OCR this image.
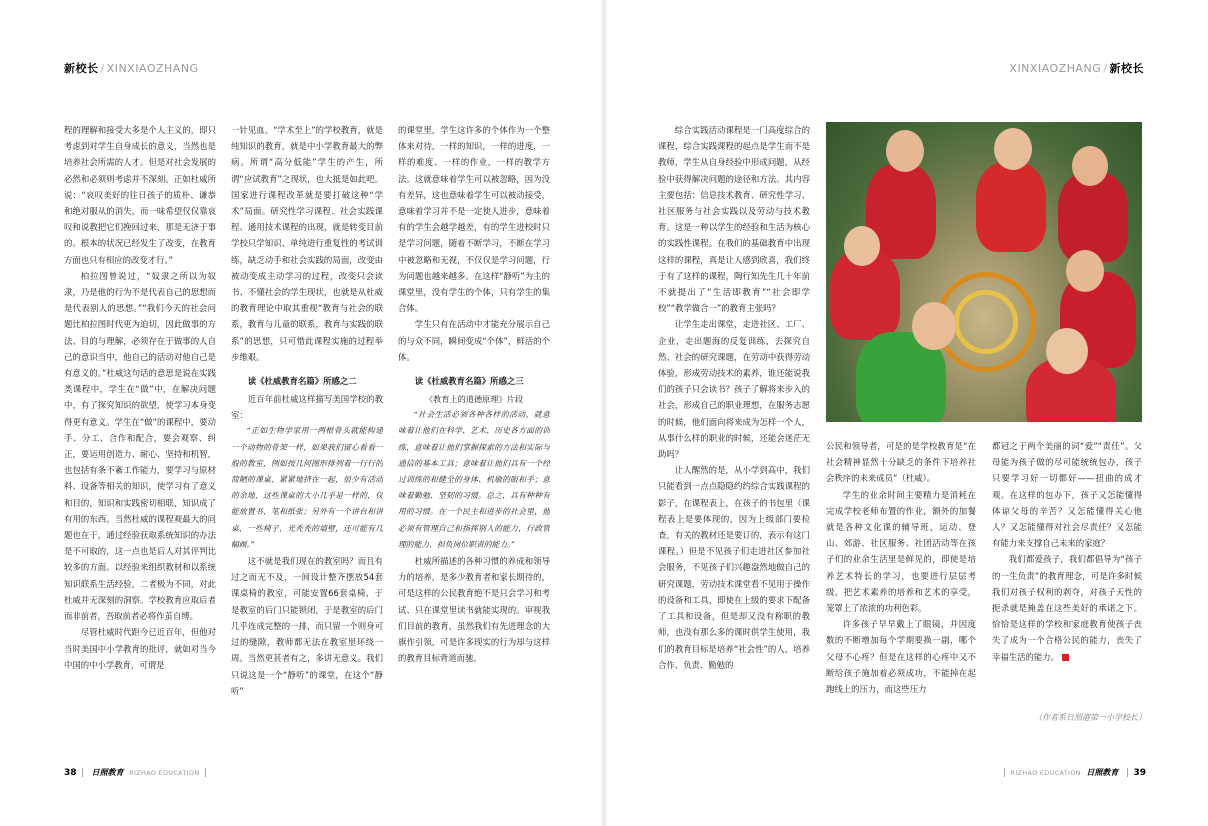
新校长 / XINXIAOZHANG	XINXIAOZHANG / 新校长

程的理解和接受大多是个人主义的，即只考虑到对学生自身成长的意义，当然也是培养社会所需的人才。但是对社会发展的必然和必须则考虑并不深刻。正如杜威所说：“哀叹美好的往日孩子的质朴、谦恭和绝对服从的消失，而一味希望仅仅靠哀叹和说教把它们挽回过来，那是无济于事的。根本的状况已经发生了改变，在教育方面也只有相应的改变才行。”

柏拉图曾说过，“奴隶之所以为奴隶，乃是他的行为不是代表自己的思想而是代表别人的思想。”“我们今天的社会问题比柏拉图时代更为迫切，因此做事的方法、目的与理解，必须存在于做事的人自己的意识当中，他自己的活动对他自己是有意义的。”杜威这句话的意思是说在实践类课程中，学生在“做”中，在解决问题中，有了探究知识的欲望，使学习本身变得更有意义。学生在“做”的课程中，要动手、分工、合作和配合，要会观察、纠正，要运用创造力、耐心、坚持和机智，也包括有条不紊工作能力，要学习与原材料、设备等相关的知识，使学习有了意义和目的，知识和实践密切相联，知识成了有用的东西。当然杜威的课程观最大的问题也在于，通过经验获取系统知识的办法是不可取的，这一点也是后人对其评判比较多的方面。以经验来组织教材和以系统知识联系生活经验，二者极为不同，对此杜威并无深刻的洞察。学校教育应取后者而非前者，吾取前者必将作茧自缚。

尽管杜威时代距今已近百年，但他对当时美国中小学教育的批评，就如对当今中国的中小学教育，可谓是

一针见血。“学术至上”的学校教育，就是纯知识的教育，就是中小学教育最大的弊病。所谓“高分低能”学生的产生，所谓“应试教育”之现状，也大抵是如此吧。国家进行课程改革就是要打破这种“学术”局面。研究性学习课程、社会实践课程、通用技术课程的出现，就是转变目前学校只学知识、单纯进行重复性的考试训练，缺乏动手和社会实践的局面，改变由被动变成主动学习的过程，改变只会读书、不懂社会的学生现状，也就是从杜威的教育理论中取其重视“教育与社会的联系，教育与儿童的联系，教育与实践的联系”的思想，只可惜此课程实施的过程举步维艰。

读《杜威教育名篇》所感之二

近百年前杜威这样描写美国学校的教室：

“正如生物学家用一两根骨头就能构建一个动物的骨架一样，如果我们留心看看一般的教室，例如按几何图形排列着一行行的简陋的课桌，紧紧地挤在一起，很少有活动的余地，这些课桌的大小几乎是一样的，仅能放置书、笔和纸张；另外有一个讲台和讲桌，一些椅子，光秃秃的墙壁，还可能有几幅画。”

这不就是我们现在的教室吗？而且有过之而无不及，一间设计整齐摆放54套课桌椅的教室，可能安置66套桌椅，于是教室的后门只能锁闭，于是教室的后门几乎连成完整的一排，而只留一个则身可过的缝隙，教师都无法在教室里环绕一周。当然更甚者有之，多讲无意义。我们只说这是一个“静听”的课堂，在这个“静听”

的课堂里，学生这许多的个体作为一个整体来对待，一样的知识，一样的进度，一样的难度、一样的作业，一样的教学方法。这就意味着学生可以被忽略，因为没有差异，这也意味着学生可以被动接受，意味着学习并不是一定使人进步，意味着有的学生会越学越差，有的学生进校时只是学习问题，随着不断学习，不断在学习中被忽略和无视，不仅仅是学习问题，行为问题也越来越多。在这样“静听”为主的课堂里，没有学生的个体，只有学生的集合体。

学生只有在活动中才能充分展示自己的与众不同，瞬间变成“个体”，鲜活的个体。

读《杜威教育名篇》所感之三

《教育上的道德原理》片段

“社会生活必须各种各样的活动，就意味着让他们在科学、艺术、历史各方面的训练，意味着让他们掌握探索的方法和实际与通信的基本工具；意味着让他们具有一个经过训练的和健全的身体、机敏的眼和手；意味着勤勉、坚韧的习惯。总之，具有种种有用的习惯。在一个民主和进步的社会里，他必须有管理自己和指挥别人的能力，行政管理的能力，担负岗位职责的能力。”

杜威所描述的各种习惯的养成和领导力的培养，是多少教育者和家长期待的，可是这样的公民教育绝不是只会学习和考试、只在课堂里读书就能实现的。审视我们目前的教育，虽然我们有先进理念的大旗作引领，可是许多现实的行为却与这样的教育目标背道而驰。

综合实践活动课程是一门高度综合的课程，综合实践课程的起点是学生而不是教师，学生从自身经验中形成问题，从经验中获得解决问题的途径和方法。其内容主要包括：信息技术教育、研究性学习、社区服务与社会实践以及劳动与技术教育。这是一种以学生的经验和生活为核心的实践性课程。在我们的基础教育中出现这样的课程，真是让人感到欣喜，我们终于有了这样的课程，陶行知先生几十年前不就提出了“生活即教育”“社会即学校”“教学做合一”的教育主张吗？

让学生走出课堂，走进社区、工厂、企业，走出题海的反复训练，去探究自然、社会的研究课题，在劳动中获得劳动体验，形成劳动技术的素养，谁还能说我们的孩子只会读书？孩子了解将来步入的社会，形成自己的职业理想，在服务志愿的时候，他们面向将来成为怎样一个人，从事什么样的职业的时候，还能会迷茫无助吗？

让人醒然的是，从小学到高中，我们只能看到一点点隐隐约约综合实践课程的影子，在课程表上，在孩子的书包里（课程表上是要体现的，因为上级部门要检查，有关的教材还是要订的，表示有这门课程。）但是不见孩子们走进社区参加社会服务，不见孩子们兴趣盎然地做自己的研究课题，劳动技术课堂看不见用于操作的设备和工具，即使在上级的要求下配备了工具和设备，但是却又没有称职的教师，也没有那么多的课时供学生使用，我们的教育目标是培养“社会性”的人，培养合作、负责、勤勉的

公民和领导者，可是的是学校教育是“在社会精神显然十分缺乏的条件下培养社会秩序的未来成员”（杜威）。

学生的业余时间主要精力是消耗在完成学校老师布置的作业，额外的加餐就是各种文化课的辅导班，运动、登山、郊游、社区服务、社团活动等在孩子们的业余生活里是鲜见的，即使是培养艺术特长的学习，也要进行层层考级，把艺术素养的培养和艺术的享受，笼罩上了浓浓的功利色彩。

许多孩子早早戴上了眼镜，并因度数的不断增加每个学期要换一副，哪个父母不心疼？但是在这样的心疼中又不断给孩子施加着必须成功，不能掉在起跑线上的压力，而这些压力

都冠之于两个美丽的词“爱”“责任”。父母能为孩子做的尽可能统统包办，孩子只要学习好一切都好——扭曲的成才观。在这样的包办下，孩子又怎能懂得体谅父母的辛苦？又怎能懂得关心他人？又怎能懂得对社会尽责任？又怎能有能力来支撑自己未来的家庭？

我们都爱孩子，我们都倡导为“孩子的一生负责”的教育理念，可是许多时候我们对孩子权利的剥夺，对孩子天性的扼杀就是掩盖在这些美好的承诺之下。恰恰是这样的学校和家庭教育使孩子丧失了成为一个合格公民的能力，丧失了幸福生活的能力。

（作者系日照港第一小学校长）
38 日照教育 RIZHAO EDUCATION	RIZHAO EDUCATION 日照教育 39
